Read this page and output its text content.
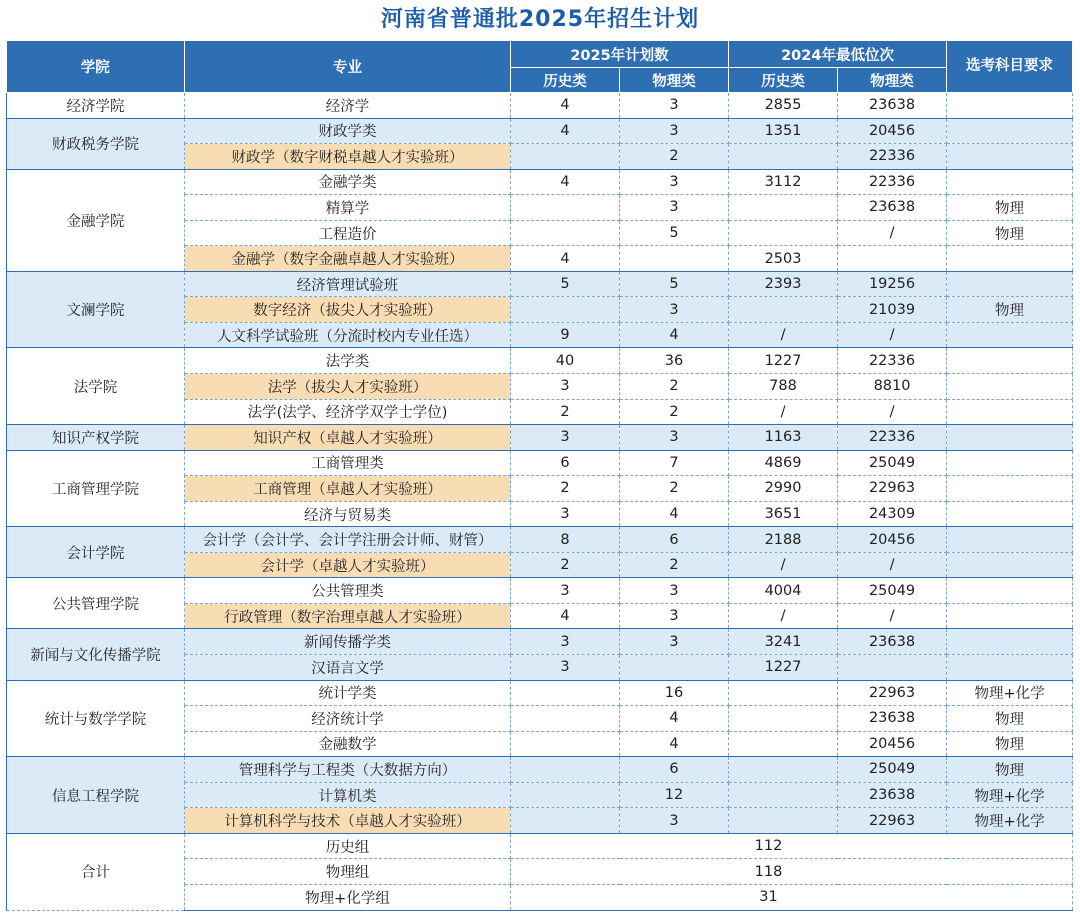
河南省普通批2025年招生计划
学院	专业	2025年计划数		2024年最低位次		选考科目要求
		历史类	物理类	历史类	物理类	
经济学院	经济学	4	3	2855	23638	
财政税务学院	财政学类	4	3	1351	20456	
	财政学（数字财税卓越人才实验班）		2		22336	
金融学院	金融学类	4	3	3112	22336	
	精算学		3		23638	物理
	工程造价		5		/	物理
	金融学（数字金融卓越人才实验班）	4		2503		
文澜学院	经济管理试验班	5	5	2393	19256	
	数字经济（拔尖人才实验班）		3		21039	物理
	人文科学试验班（分流时校内专业任选）	9	4	/	/	
法学院	法学类	40	36	1227	22336	
	法学（拔尖人才实验班）	3	2	788	8810	
	法学(法学、经济学双学士学位)	2	2	/	/	
知识产权学院	知识产权（卓越人才实验班）	3	3	1163	22336	
工商管理学院	工商管理类	6	7	4869	25049	
	工商管理（卓越人才实验班）	2	2	2990	22963	
	经济与贸易类	3	4	3651	24309	
会计学院	会计学（会计学、会计学注册会计师、财管）	8	6	2188	20456	
	会计学（卓越人才实验班）	2	2	/	/	
公共管理学院	公共管理类	3	3	4004	25049	
	行政管理（数字治理卓越人才实验班）	4	3	/	/	
新闻与文化传播学院	新闻传播学类	3	3	3241	23638	
	汉语言文学	3		1227		
统计与数学学院	统计学类		16		22963	物理+化学
	经济统计学		4		23638	物理
	金融数学		4		20456	物理
信息工程学院	管理科学与工程类（大数据方向）		6		25049	物理
	计算机类		12		23638	物理+化学
	计算机科学与技术（卓越人才实验班）		3		22963	物理+化学
合计	历史组	112				
	物理组	118				
	物理+化学组	31				
